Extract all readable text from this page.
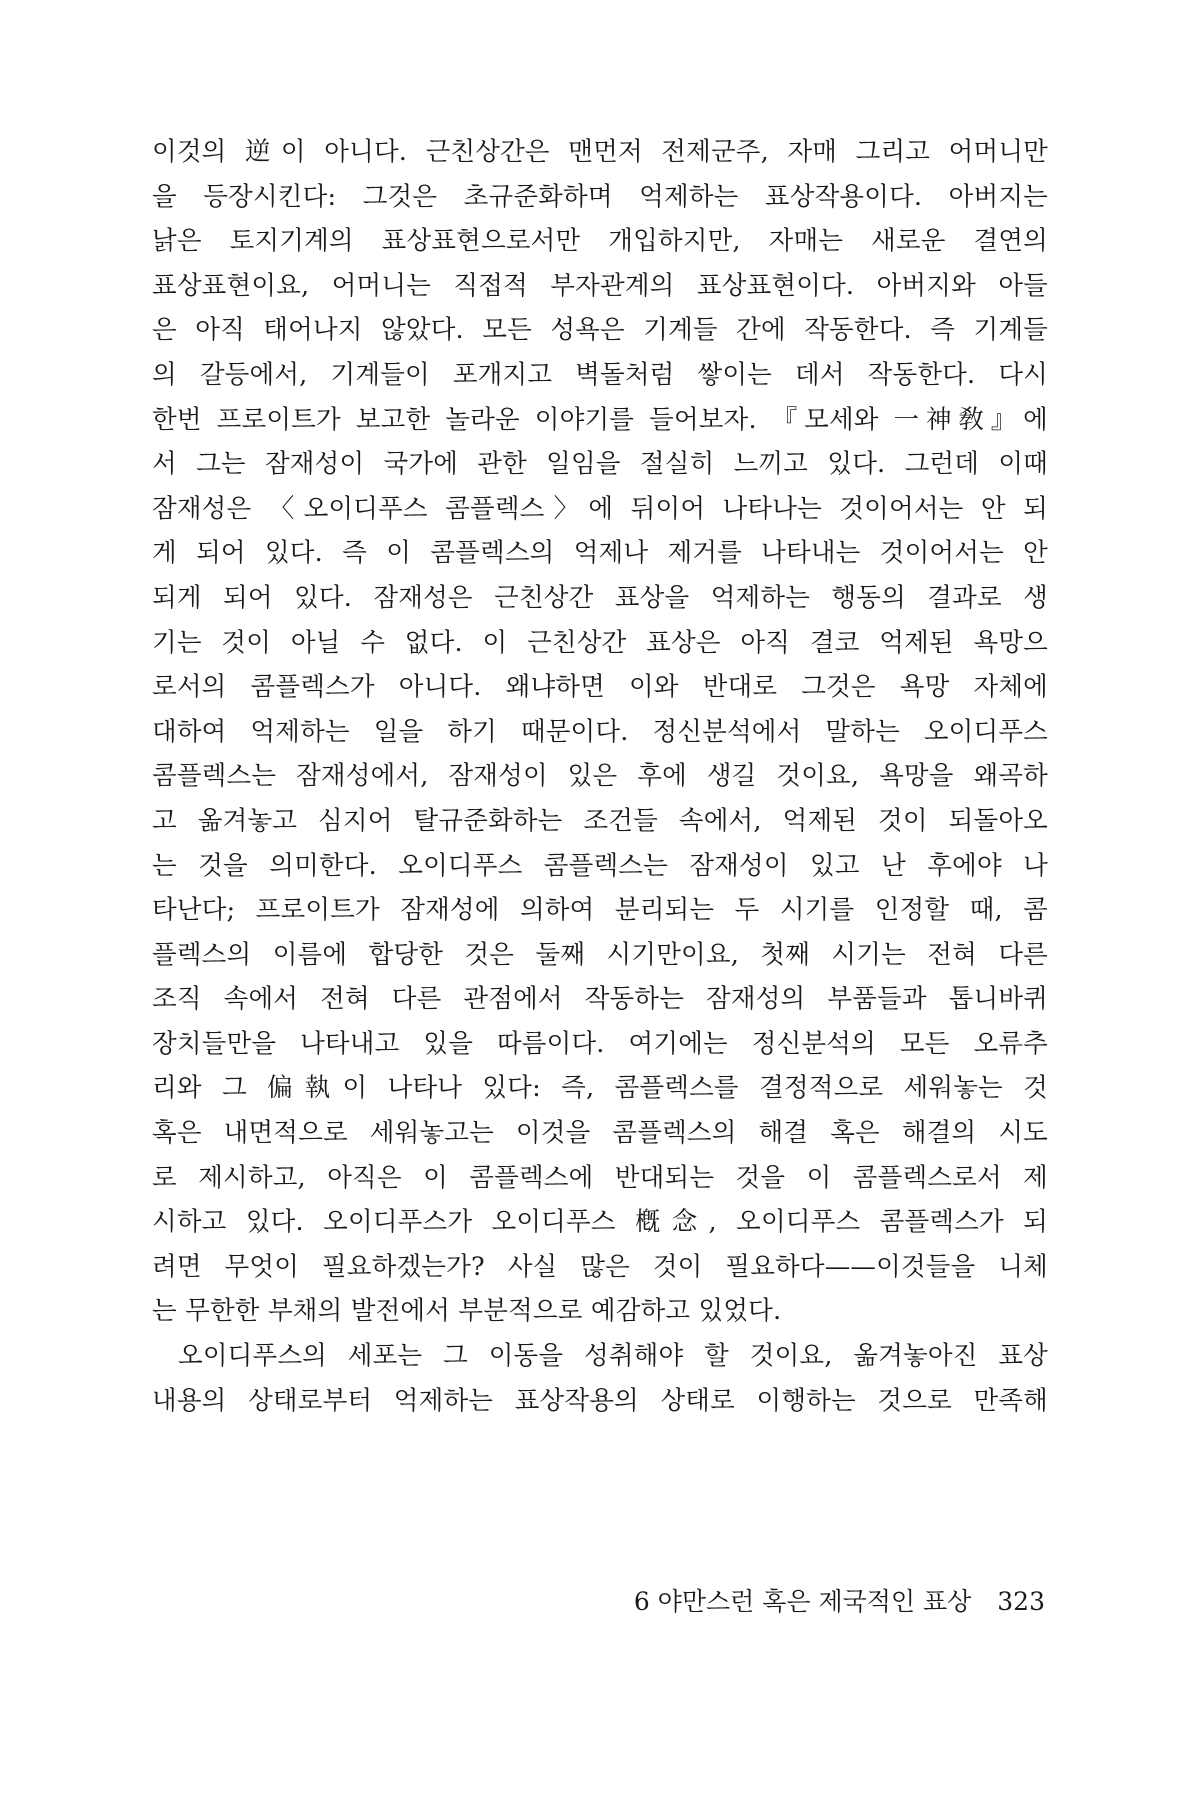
이것의 逆이 아니다. 근친상간은 맨먼저 전제군주, 자매 그리고 어머니만
을 등장시킨다: 그것은 초규준화하며 억제하는 표상작용이다. 아버지는
낡은 토지기계의 표상표현으로서만 개입하지만, 자매는 새로운 결연의
표상표현이요, 어머니는 직접적 부자관계의 표상표현이다. 아버지와 아들
은 아직 태어나지 않았다. 모든 성욕은 기계들 간에 작동한다. 즉 기계들
의 갈등에서, 기계들이 포개지고 벽돌처럼 쌓이는 데서 작동한다. 다시
한번 프로이트가 보고한 놀라운 이야기를 들어보자. 『모세와 一神敎』에
서 그는 잠재성이 국가에 관한 일임을 절실히 느끼고 있다. 그런데 이때
잠재성은 〈오이디푸스 콤플렉스〉에 뒤이어 나타나는 것이어서는 안 되
게 되어 있다. 즉 이 콤플렉스의 억제나 제거를 나타내는 것이어서는 안
되게 되어 있다. 잠재성은 근친상간 표상을 억제하는 행동의 결과로 생
기는 것이 아닐 수 없다. 이 근친상간 표상은 아직 결코 억제된 욕망으
로서의 콤플렉스가 아니다. 왜냐하면 이와 반대로 그것은 욕망 자체에
대하여 억제하는 일을 하기 때문이다. 정신분석에서 말하는 오이디푸스
콤플렉스는 잠재성에서, 잠재성이 있은 후에 생길 것이요, 욕망을 왜곡하
고 옮겨놓고 심지어 탈규준화하는 조건들 속에서, 억제된 것이 되돌아오
는 것을 의미한다. 오이디푸스 콤플렉스는 잠재성이 있고 난 후에야 나
타난다; 프로이트가 잠재성에 의하여 분리되는 두 시기를 인정할 때, 콤
플렉스의 이름에 합당한 것은 둘째 시기만이요, 첫째 시기는 전혀 다른
조직 속에서 전혀 다른 관점에서 작동하는 잠재성의 부품들과 톱니바퀴
장치들만을 나타내고 있을 따름이다. 여기에는 정신분석의 모든 오류추
리와 그 偏執이 나타나 있다: 즉, 콤플렉스를 결정적으로 세워놓는 것
혹은 내면적으로 세워놓고는 이것을 콤플렉스의 해결 혹은 해결의 시도
로 제시하고, 아직은 이 콤플렉스에 반대되는 것을 이 콤플렉스로서 제
시하고 있다. 오이디푸스가 오이디푸스 槪念, 오이디푸스 콤플렉스가 되
려면 무엇이 필요하겠는가? 사실 많은 것이 필요하다——이것들을 니체
는 무한한 부채의 발전에서 부분적으로 예감하고 있었다.
오이디푸스의 세포는 그 이동을 성취해야 할 것이요, 옮겨놓아진 표상
내용의 상태로부터 억제하는 표상작용의 상태로 이행하는 것으로 만족해
6 야만스런 혹은 제국적인 표상 323
